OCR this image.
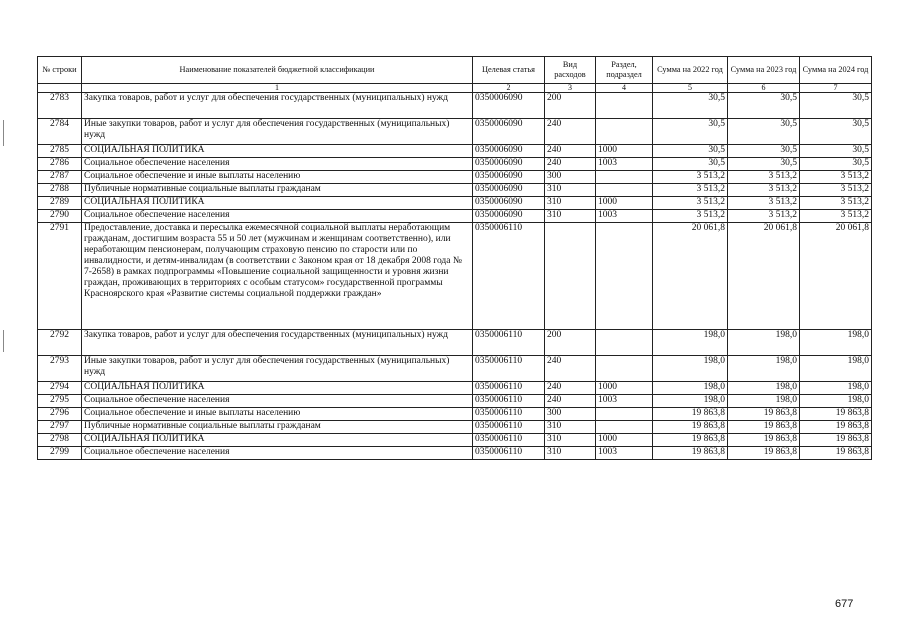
№ строки	Наименование показателей бюджетной классификации	Целевая статья	Вид расходов	Раздел, подраздел	Сумма на 2022 год	Сумма на 2023 год	Сумма на 2024 год
	1	2	3	4	5	6	7
2783	Закупка товаров, работ и услуг для обеспечения государственных (муниципальных) нужд	0350006090	200		30,5	30,5	30,5
2784	Иные закупки товаров, работ и услуг для обеспечения государственных (муниципальных) нужд	0350006090	240		30,5	30,5	30,5
2785	СОЦИАЛЬНАЯ ПОЛИТИКА	0350006090	240	1000	30,5	30,5	30,5
2786	Социальное обеспечение населения	0350006090	240	1003	30,5	30,5	30,5
2787	Социальное обеспечение и иные выплаты населению	0350006090	300		3 513,2	3 513,2	3 513,2
2788	Публичные нормативные социальные выплаты гражданам	0350006090	310		3 513,2	3 513,2	3 513,2
2789	СОЦИАЛЬНАЯ ПОЛИТИКА	0350006090	310	1000	3 513,2	3 513,2	3 513,2
2790	Социальное обеспечение населения	0350006090	310	1003	3 513,2	3 513,2	3 513,2
2791	Предоставление, доставка и пересылка ежемесячной социальной выплаты неработающим гражданам, достигшим возраста 55 и 50 лет (мужчинам и женщинам соответственно), или неработающим пенсионерам, получающим страховую пенсию по старости или по инвалидности, и детям-инвалидам (в соответствии с Законом края от 18 декабря 2008 года № 7-2658) в рамках подпрограммы «Повышение социальной защищенности и уровня жизни граждан, проживающих в территориях с особым статусом» государственной программы Красноярского края «Развитие системы социальной поддержки граждан»	0350006110			20 061,8	20 061,8	20 061,8
2792	Закупка товаров, работ и услуг для обеспечения государственных (муниципальных) нужд	0350006110	200		198,0	198,0	198,0
2793	Иные закупки товаров, работ и услуг для обеспечения государственных (муниципальных) нужд	0350006110	240		198,0	198,0	198,0
2794	СОЦИАЛЬНАЯ ПОЛИТИКА	0350006110	240	1000	198,0	198,0	198,0
2795	Социальное обеспечение населения	0350006110	240	1003	198,0	198,0	198,0
2796	Социальное обеспечение и иные выплаты населению	0350006110	300		19 863,8	19 863,8	19 863,8
2797	Публичные нормативные социальные выплаты гражданам	0350006110	310		19 863,8	19 863,8	19 863,8
2798	СОЦИАЛЬНАЯ ПОЛИТИКА	0350006110	310	1000	19 863,8	19 863,8	19 863,8
2799	Социальное обеспечение населения	0350006110	310	1003	19 863,8	19 863,8	19 863,8
677
